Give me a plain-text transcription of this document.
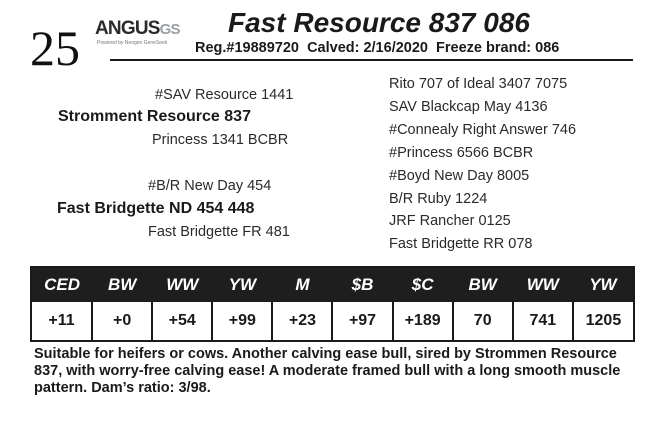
25 ANGUSGS
Powered by Neogen GeneSeek
Fast Resource 837 086
Reg.#19889720 Calved: 2/16/2020 Freeze brand: 086
#SAV Resource 1441
Stromment Resource 837
Princess 1341 BCBR
#B/R New Day 454
Fast Bridgette ND 454 448
Fast Bridgette FR 481
Rito 707 of Ideal 3407 7075
SAV Blackcap May 4136
#Connealy Right Answer 746
#Princess 6566 BCBR
#Boyd New Day 8005
B/R Ruby 1224
JRF Rancher 0125
Fast Bridgette RR 078
CED	BW	WW	YW	M	$B	$C	BW	WW	YW
+11	+0	+54	+99	+23	+97	+189	70	741	1205
Suitable for heifers or cows. Another calving ease bull, sired by Strommen Resource 837, with worry-free calving ease! A moderate framed bull with a long smooth muscle pattern. Dam’s ratio: 3/98.
